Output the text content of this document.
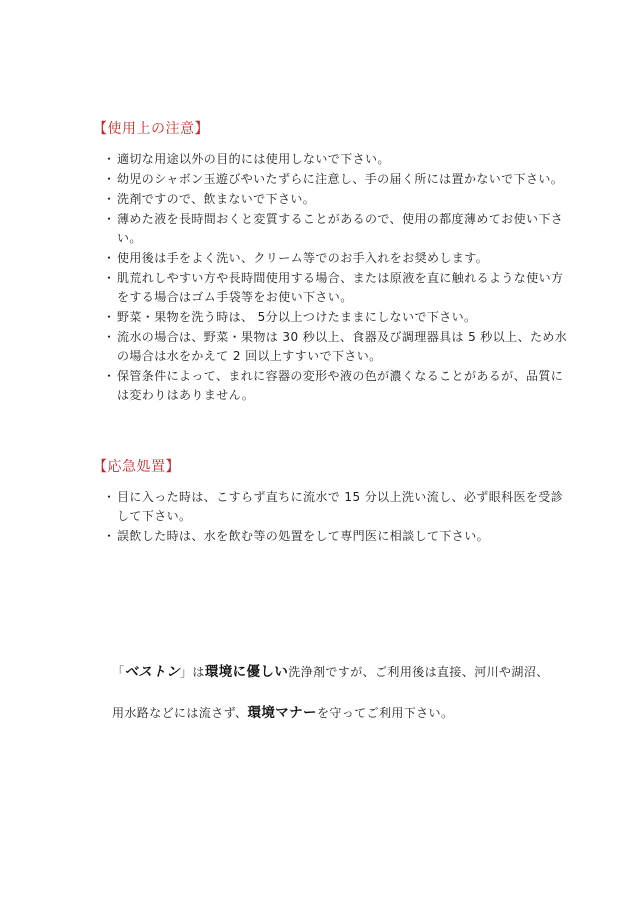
【使用上の注意】
・ 適切な用途以外の目的には使用しないで下さい。
・ 幼児のシャボン玉遊びやいたずらに注意し、手の届く所には置かないで下さい。
・ 洗剤ですので、飲まないで下さい。
・ 薄めた液を長時間おくと変質することがあるので、使用の都度薄めてお使い下さい。
・ 使用後は手をよく洗い、クリーム等でのお手入れをお奨めします。
・ 肌荒れしやすい方や長時間使用する場合、または原液を直に触れるような使い方をする場合はゴム手袋等をお使い下さい。
・ 野菜・果物を洗う時は、 5分以上つけたままにしないで下さい。
・ 流水の場合は、野菜・果物は 30 秒以上、食器及び調理器具は 5 秒以上、ため水の場合は水をかえて 2 回以上すすいで下さい。
・ 保管条件によって、まれに容器の変形や液の色が濃くなることがあるが、品質には変わりはありません。
【応急処置】
・ 目に入った時は、こすらず直ちに流水で 15 分以上洗い流し、必ず眼科医を受診して下さい。
・ 誤飲した時は、水を飲む等の処置をして専門医に相談して下さい。
「ベストン」は環境に優しい洗浄剤ですが、ご利用後は直接、河川や湖沼、
用水路などには流さず、環境マナーを守ってご利用下さい。
